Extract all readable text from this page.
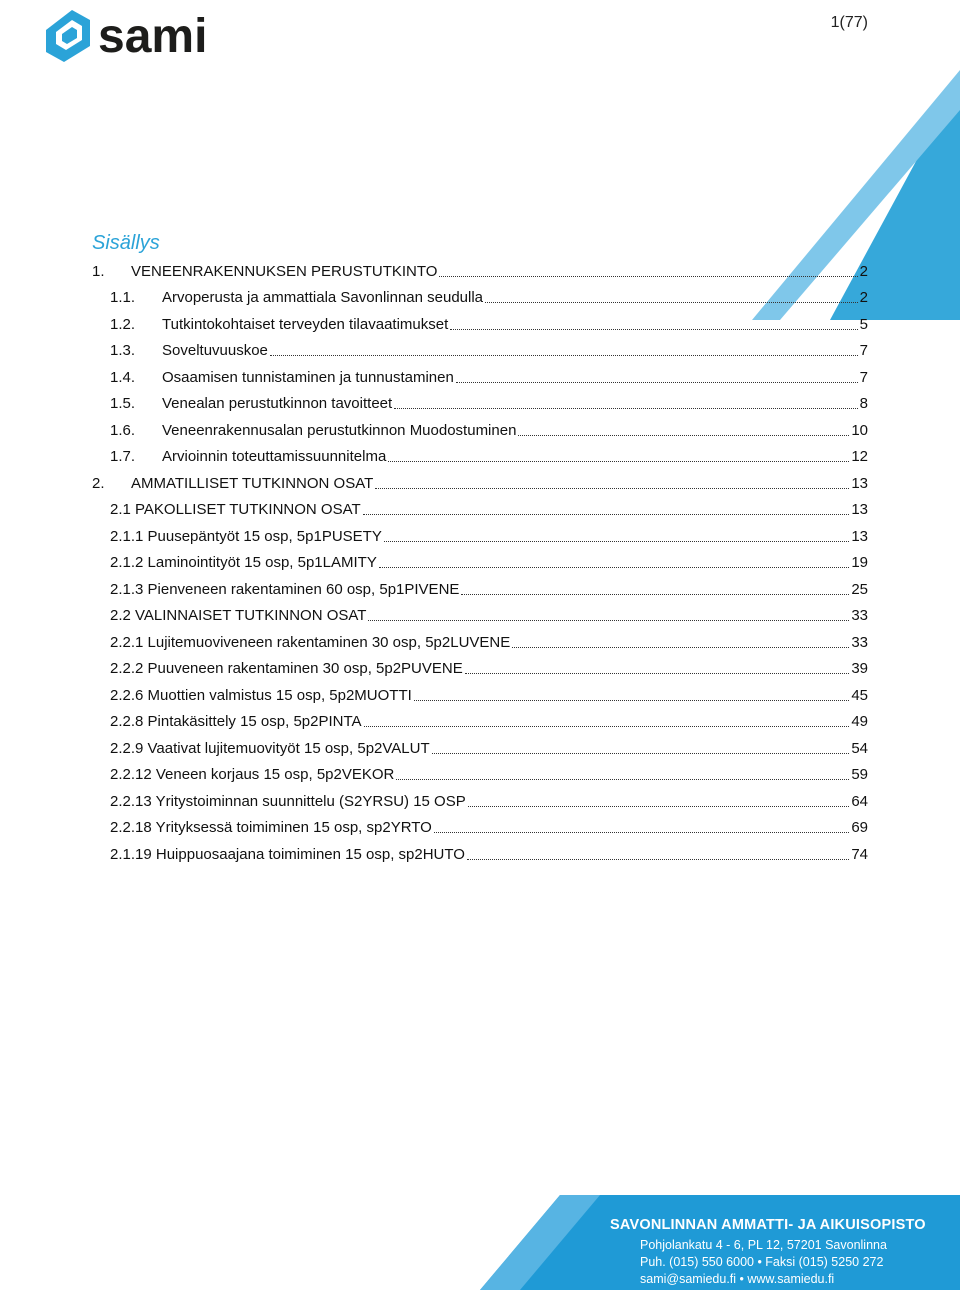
sami	1(77)
SAVONLINNAN AMMATTI- JA AIKUISOPISTO
Pohjolankatu 4 - 6, PL 12, 57201 Savonlinna
Puh. (015) 550 6000 • Faksi (015) 5250 272
sami@samiedu.fi • www.samiedu.fi
Sisällys
1.	VENEENRAKENNUKSEN PERUSTUTKINTO	2
1.1.	Arvoperusta ja ammattiala Savonlinnan seudulla	2
1.2.	Tutkintokohtaiset terveyden tilavaatimukset	5
1.3.	Soveltuvuuskoe	7
1.4.	Osaamisen tunnistaminen ja tunnustaminen	7
1.5.	Venealan perustutkinnon tavoitteet	8
1.6.	Veneenrakennusalan perustutkinnon Muodostuminen	10
1.7.	Arvioinnin toteuttamissuunnitelma	12
2.	AMMATILLISET TUTKINNON OSAT	13
2.1 PAKOLLISET TUTKINNON OSAT	13
2.1.1 Puusepäntyöt 15 osp, 5p1PUSETY	13
2.1.2 Laminointityöt 15 osp, 5p1LAMITY	19
2.1.3 Pienveneen rakentaminen 60 osp, 5p1PIVENE	25
2.2 VALINNAISET TUTKINNON OSAT	33
2.2.1 Lujitemuoviveneen rakentaminen 30 osp, 5p2LUVENE	33
2.2.2 Puuveneen rakentaminen 30 osp, 5p2PUVENE	39
2.2.6 Muottien valmistus 15 osp, 5p2MUOTTI	45
2.2.8 Pintakäsittely 15 osp, 5p2PINTA	49
2.2.9 Vaativat lujitemuovityöt 15 osp, 5p2VALUT	54
2.2.12 Veneen korjaus 15 osp, 5p2VEKOR	59
2.2.13 Yritystoiminnan suunnittelu (S2YRSU) 15 OSP	64
2.2.18 Yrityksessä toimiminen 15 osp, sp2YRTO	69
2.1.19 Huippuosaajana toimiminen 15 osp, sp2HUTO	74
